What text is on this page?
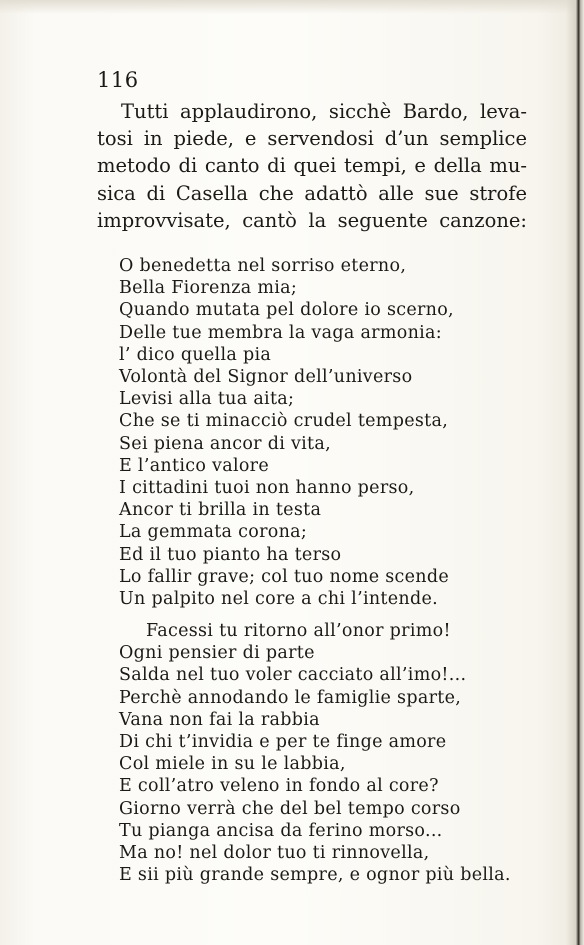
116
Tutti applaudirono, sicchè Bardo, leva-
tosi in piede, e servendosi d’un semplice
metodo di canto di quei tempi, e della mu-
sica di Casella che adattò alle sue strofe
improvvisate, cantò la seguente canzone:
O benedetta nel sorriso eterno,
Bella Fiorenza mia;
Quando mutata pel dolore io scerno,
Delle tue membra la vaga armonia:
l’ dico quella pia
Volontà del Signor dell’universo
Levisi alla tua aita;
Che se ti minacciò crudel tempesta,
Sei piena ancor di vita,
E l’antico valore
I cittadini tuoi non hanno perso,
Ancor ti brilla in testa
La gemmata corona;
Ed il tuo pianto ha terso
Lo fallir grave; col tuo nome scende
Un palpito nel core a chi l’intende.
Facessi tu ritorno all’onor primo!
Ogni pensier di parte
Salda nel tuo voler cacciato all’imo!...
Perchè annodando le famiglie sparte,
Vana non fai la rabbia
Di chi t’invidia e per te finge amore
Col miele in su le labbia,
E coll’atro veleno in fondo al core?
Giorno verrà che del bel tempo corso
Tu pianga ancisa da ferino morso...
Ma no! nel dolor tuo ti rinnovella,
E sii più grande sempre, e ognor più bella.
